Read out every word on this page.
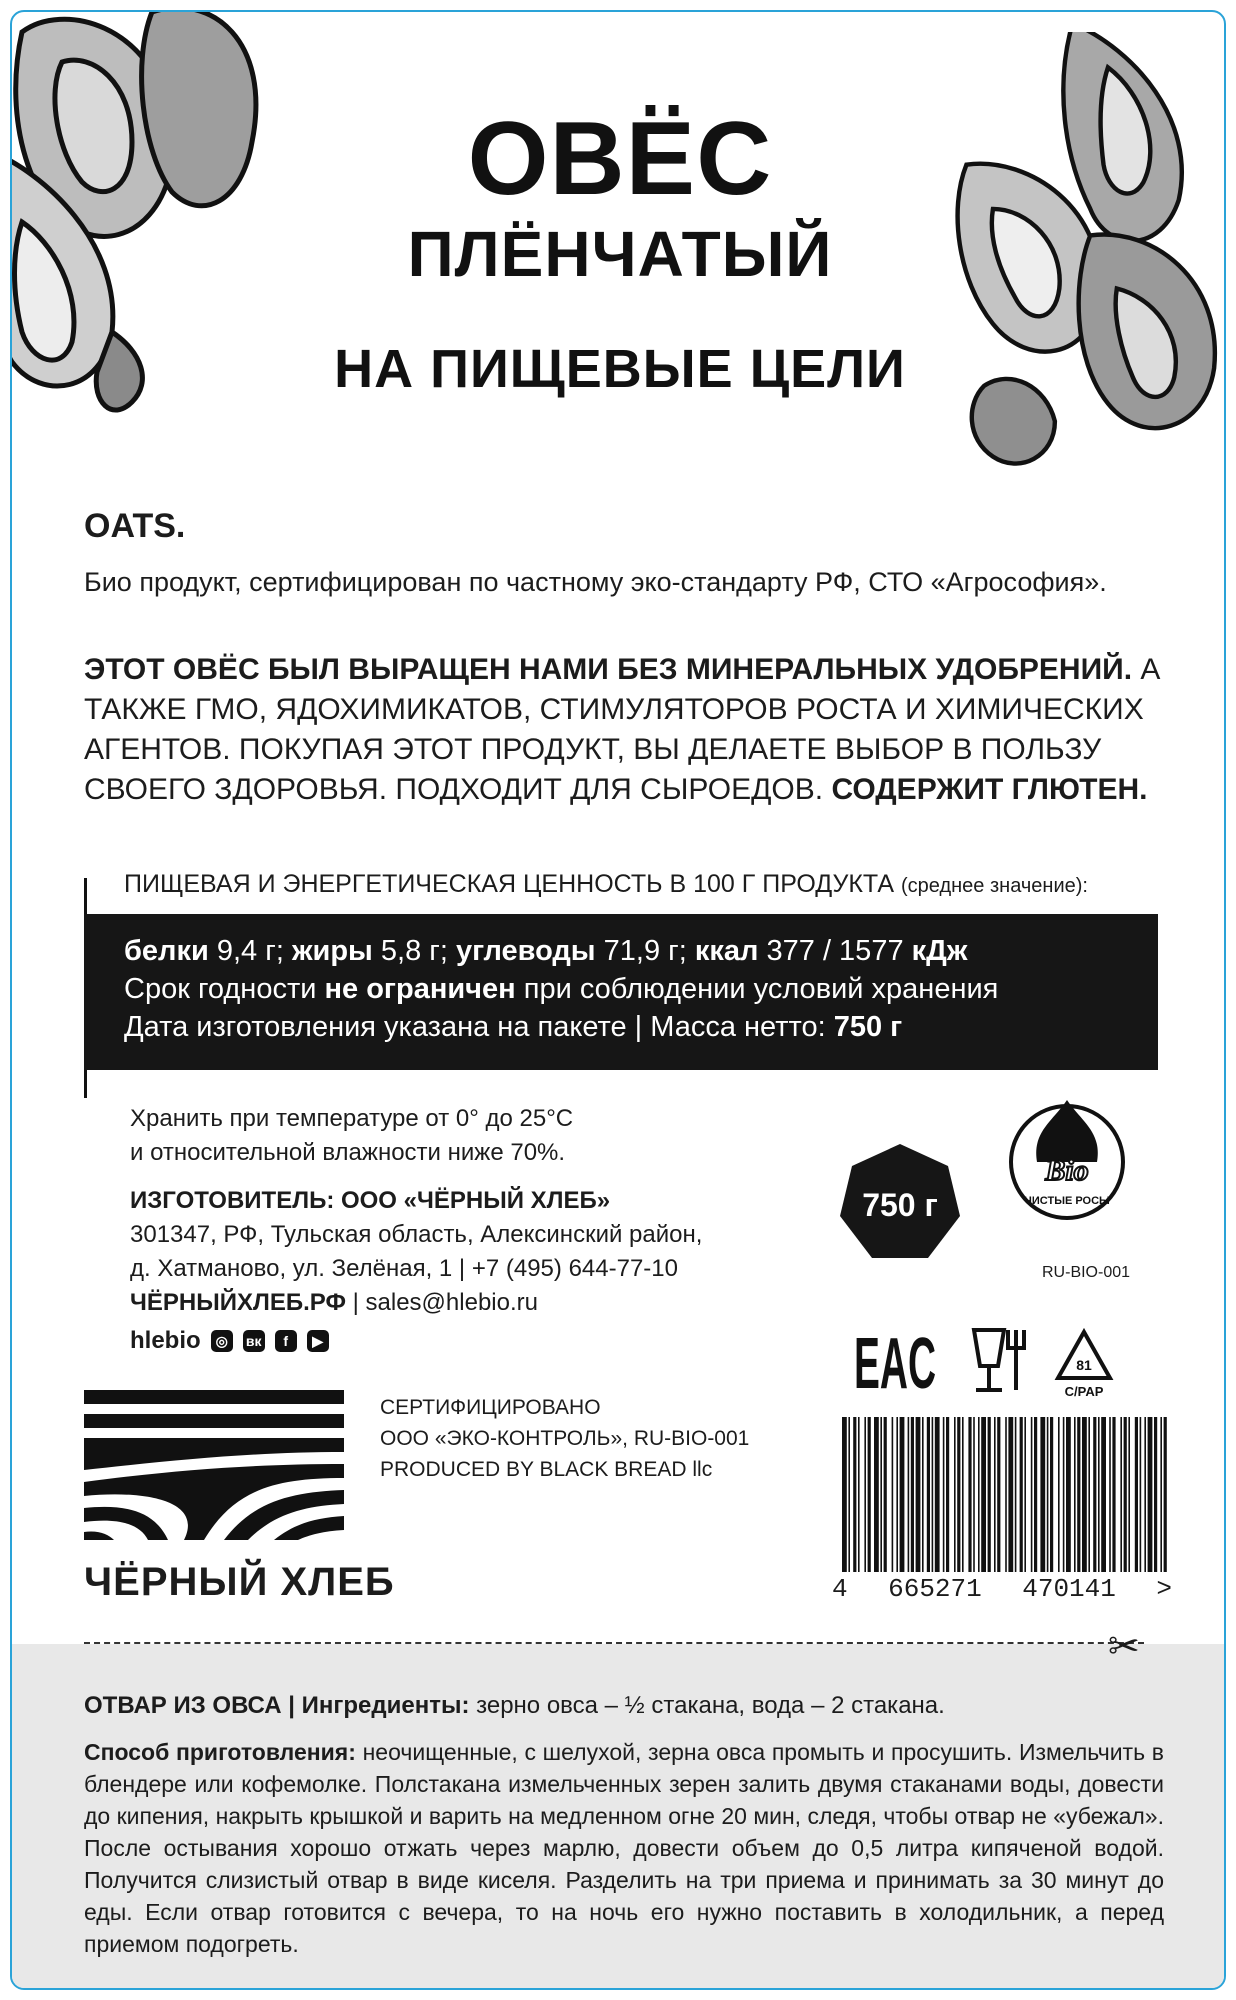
ОВЁС
ПЛЁНЧАТЫЙ
НА ПИЩЕВЫЕ ЦЕЛИ
OATS.
Био продукт, сертифицирован по частному эко-стандарту РФ, СТО «Агрософия».
ЭТОТ ОВЁС БЫЛ ВЫРАЩЕН НАМИ БЕЗ МИНЕРАЛЬНЫХ УДОБРЕНИЙ. А ТАКЖЕ ГМО, ЯДОХИМИКАТОВ, СТИМУЛЯТОРОВ РОСТА И ХИМИЧЕСКИХ АГЕНТОВ. ПОКУПАЯ ЭТОТ ПРОДУКТ, ВЫ ДЕЛАЕТЕ ВЫБОР В ПОЛЬЗУ СВОЕГО ЗДОРОВЬЯ. ПОДХОДИТ ДЛЯ СЫРОЕДОВ. СОДЕРЖИТ ГЛЮТЕН.
ПИЩЕВАЯ И ЭНЕРГЕТИЧЕСКАЯ ЦЕННОСТЬ В 100 Г ПРОДУКТА (среднее значение):
белки 9,4 г; жиры 5,8 г; углеводы 71,9 г; ккал 377 / 1577 кДж
Срок годности не ограничен при соблюдении условий хранения
Дата изготовления указана на пакете | Масса нетто: 750 г
Хранить при температуре от 0° до 25°С
и относительной влажности ниже 70%.
ИЗГОТОВИТЕЛЬ: ООО «ЧЁРНЫЙ ХЛЕБ»
301347, РФ, Тульская область, Алексинский район,
д. Хатманово, ул. Зелёная, 1 | +7 (495) 644-77-10
ЧЁРНЫЙХЛЕБ.РФ | sales@hlebio.ru
hlebio	◎	вк	f	▶
СЕРТИФИЦИРОВАНО
ООО «ЭКО-КОНТРОЛЬ», RU-BIO-001
PRODUCED BY BLACK BREAD llc
ЧЁРНЫЙ ХЛЕБ
750 г
Bio
ЧИСТЫЕ РОСЫ
RU-BIO-001
EAC	81
C/PAP
4 665271 470141 >
✂
ОТВАР ИЗ ОВСА | Ингредиенты: зерно овса – ½ стакана, вода – 2 стакана.
Способ приготовления: неочищенные, с шелухой, зерна овса промыть и просушить. Измельчить в блендере или кофемолке. Полстакана измельченных зерен залить двумя стаканами воды, довести до кипения, накрыть крышкой и варить на медленном огне 20 мин, следя, чтобы отвар не «убежал». После остывания хорошо отжать через марлю, довести объем до 0,5 литра кипяченой водой. Получится слизистый отвар в виде киселя. Разделить на три приема и принимать за 30 минут до еды. Если отвар готовится с вечера, то на ночь его нужно поставить в холодильник, а перед приемом подогреть.
